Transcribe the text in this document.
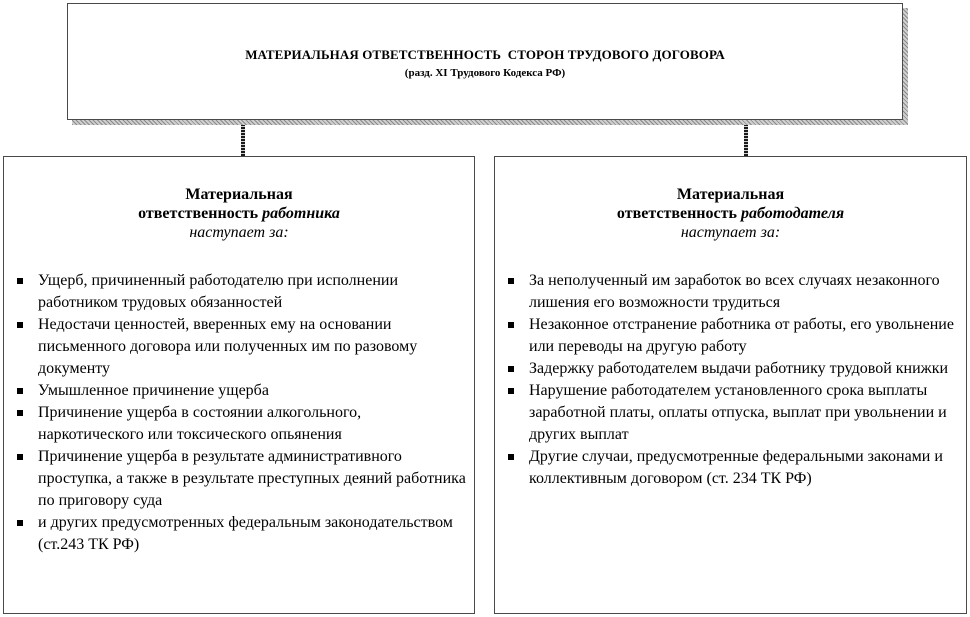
МАТЕРИАЛЬНАЯ ОТВЕТСТВЕННОСТЬ  СТОРОН ТРУДОВОГО ДОГОВОРА
(разд. XI Трудового Кодекса РФ)
Материальная
ответственность работника
наступает за:
Ущерб, причиненный работодателю при исполнении работником трудовых обязанностей
Недостачи ценностей, вверенных ему на основании письменного договора или полученных им по разовому документу
Умышленное причинение ущерба
Причинение ущерба в состоянии алкогольного, наркотического или токсического опьянения
Причинение ущерба в результате административного проступка, а также в результате преступных деяний работника по приговору суда
и других предусмотренных федеральным законодательством (ст.243 ТК РФ)
Материальная
ответственность работодателя
наступает за:
За неполученный им заработок во всех случаях незаконного лишения его возможности трудиться
Незаконное отстранение работника от работы, его увольнение или переводы на другую работу
Задержку работодателем выдачи работнику трудовой книжки
Нарушение работодателем установленного срока выплаты заработной платы, оплаты отпуска, выплат при увольнении и других выплат
Другие случаи, предусмотренные федеральными законами и коллективным договором (ст. 234 ТК РФ)
